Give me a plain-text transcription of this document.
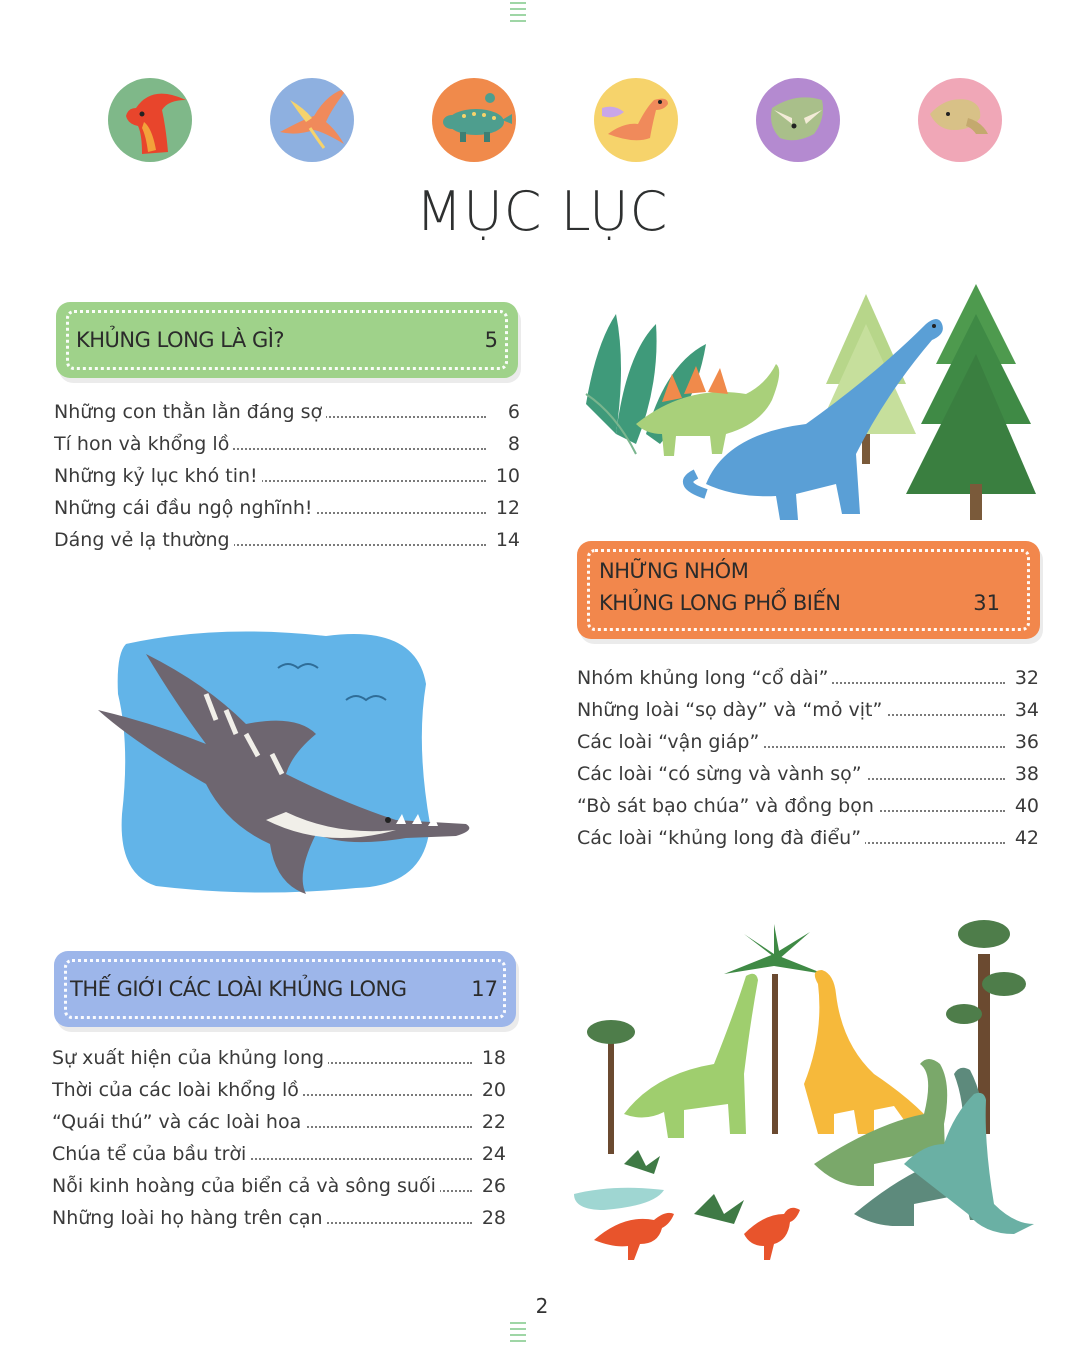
MỤC LỤC
KHỦNG LONG LÀ GÌ?	5
Những con thằn lằn đáng sợ	6
Tí hon và khổng lồ	8
Những kỷ lục khó tin!	10
Những cái đầu ngộ nghĩnh!	12
Dáng vẻ lạ thường	14
NHỮNG NHÓM
KHỦNG LONG PHỔ BIẾN	31
Nhóm khủng long “cổ dài”	32
Những loài “sọ dày” và “mỏ vịt”	34
Các loài “vận giáp”	36
Các loài “có sừng và vành sọ”	38
“Bò sát bạo chúa” và đồng bọn	40
Các loài “khủng long đà điểu”	42
THẾ GIỚI CÁC LOÀI KHỦNG LONG	17
Sự xuất hiện của khủng long	18
Thời của các loài khổng lồ	20
“Quái thú” và các loài hoa	22
Chúa tể của bầu trời	24
Nỗi kinh hoàng của biển cả và sông suối	26
Những loài họ hàng trên cạn	28
2
